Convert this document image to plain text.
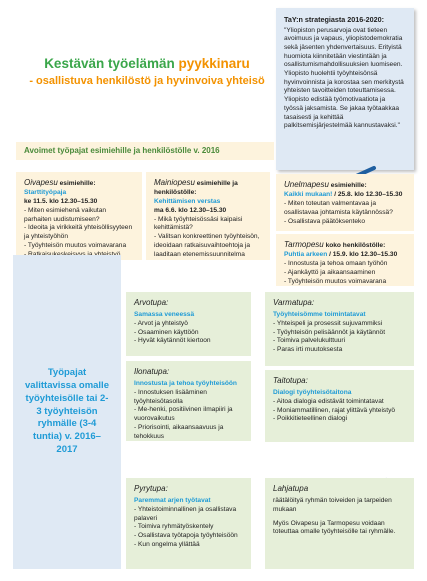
Kestävän työelämän pyykkinaru
- osallistuva henkilöstö ja hyvinvoiva yhteisö
TaY:n strategiasta 2016-2020:
"Yliopiston perusarvoja ovat tieteen avoimuus ja vapaus, yliopistodemokratia sekä jäsenten yhdenvertaisuus. Erityistä huomiota kiinnitetään viestintään ja osallistumismahdollisuuksien luomiseen. Yliopisto huolehtii työyhteisönsä hyvinvoinnista ja korostaa sen merkitystä yhteisten tavoitteiden toteuttamisessa. Yliopisto edistää työmotivaatiota ja työssä jaksamista. Se jakaa työtaakkaa tasaisesti ja kehittää palkitsemisjärjestelmää kannustavaksi."
Avoimet työpajat esimiehille ja henkilöstölle v. 2016
Oivapesu esimiehille:
Starttityöpaja
ke 11.5. klo 12.30–15.30
- Miten esimiehenä vaikutan parhaiten uudistumiseen?
- Ideoita ja virikkeitä yhteisöllisyyteen ja yhteistyöhön
- Työyhteisön muutos voimavarana
Mainiopesu esimiehille ja henkilöstölle:
Kehittämisen verstas
ma 6.6. klo 12.30–15.30
- Mikä työyhteisössäsi kaipaisi kehittämistä?
- Valitsan konkreettinen työyhteisön, ideoidaan ratkaisuvaihtoehtoja ja laaditaan etenemissuunnitelma
Unelmapesu esimiehille:
Kaikki mukaan! / 25.8. klo 12.30–15.30
- Miten toteutan valmentavaa ja osallistavaa johtamista käytännössä?
- Osallistava päätöksenteko
Tarmopesu koko henkilöstölle:
Puhtia arkeen / 15.9. klo 12.30–15.30
- Innostusta ja tehoa omaan työhön
- Ajankäyttö ja aikaansaaminen
- Työyhteisön muutos voimavarana
Työpajat valittavissa omalle työyhteisölle tai 2-3 työyhteisön ryhmälle (3-4 tuntia) v. 2016–2017
Arvotupa:
Samassa veneessä
- Arvot ja yhteistyö
- Osaaminen käyttöön
- Hyvät käytännöt kiertoon
Ilonatupa:
Innostusta ja tehoa työyhteisöön
- Innostuksen lisääminen työyhteisötasolla
- Me-henki, positiivinen ilmapiiri ja vuorovaikutus
- Priorisointi, aikaansaavuus ja tehokkuus
Pyrytupa:
Paremmat arjen työtavat
- Yhteistoiminnallinen ja osallistava palaveri
- Toimiva ryhmätyöskentely
- Osallistava työtapoja työyhteisöön
- Kun ongelma yllättää
Varmatupa:
Työyhteisömme toimintatavat
- Yhteispeli ja prosessit sujuvammiksi
- Työyhteisön pelisäännöt ja käytännöt
- Toimiva palvelukulttuuri
- Paras irti muutoksesta
Taitotupa:
Dialogi työyhteisötaitona
- Aitoa dialogia edistävät toimintatavat
- Moniammatillinen, rajat ylittävä yhteistyö
- Poikkitieteellinen dialogi
Lahjatupa
räätälöityä ryhmän toiveiden ja tarpeiden mukaan
Myös Oivapesu ja Tarmopesu voidaan toteuttaa omalle työyhteisölle tai ryhmälle.
